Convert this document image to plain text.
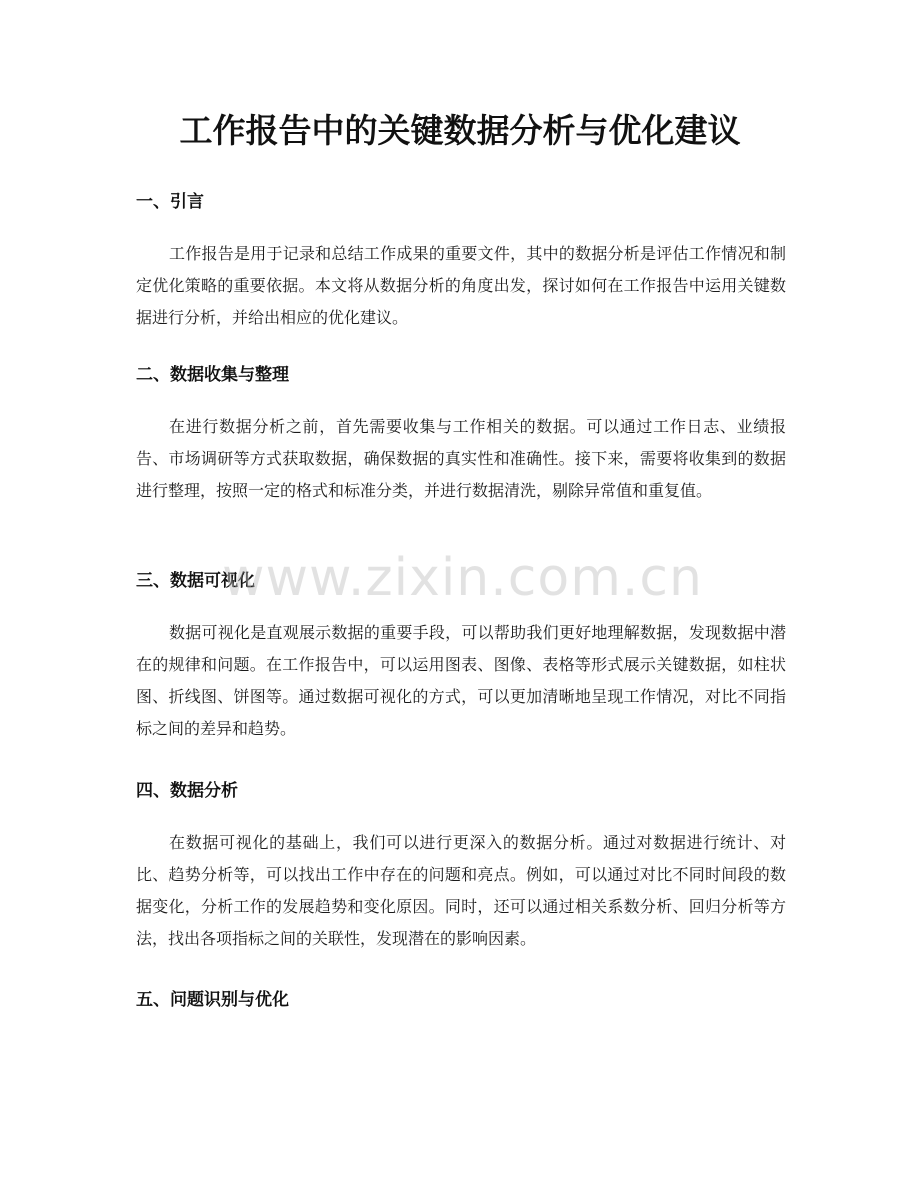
工作报告中的关键数据分析与优化建议
一、引言

工作报告是用于记录和总结工作成果的重要文件，其中的数据分析是评估工作情况和制定优化策略的重要依据。本文将从数据分析的角度出发，探讨如何在工作报告中运用关键数据进行分析，并给出相应的优化建议。

二、数据收集与整理

在进行数据分析之前，首先需要收集与工作相关的数据。可以通过工作日志、业绩报告、市场调研等方式获取数据，确保数据的真实性和准确性。接下来，需要将收集到的数据进行整理，按照一定的格式和标准分类，并进行数据清洗，剔除异常值和重复值。

三、数据可视化

数据可视化是直观展示数据的重要手段，可以帮助我们更好地理解数据，发现数据中潜在的规律和问题。在工作报告中，可以运用图表、图像、表格等形式展示关键数据，如柱状图、折线图、饼图等。通过数据可视化的方式，可以更加清晰地呈现工作情况，对比不同指标之间的差异和趋势。

四、数据分析

在数据可视化的基础上，我们可以进行更深入的数据分析。通过对数据进行统计、对比、趋势分析等，可以找出工作中存在的问题和亮点。例如，可以通过对比不同时间段的数据变化，分析工作的发展趋势和变化原因。同时，还可以通过相关系数分析、回归分析等方法，找出各项指标之间的关联性，发现潜在的影响因素。

五、问题识别与优化
www.zixin.com.cn
